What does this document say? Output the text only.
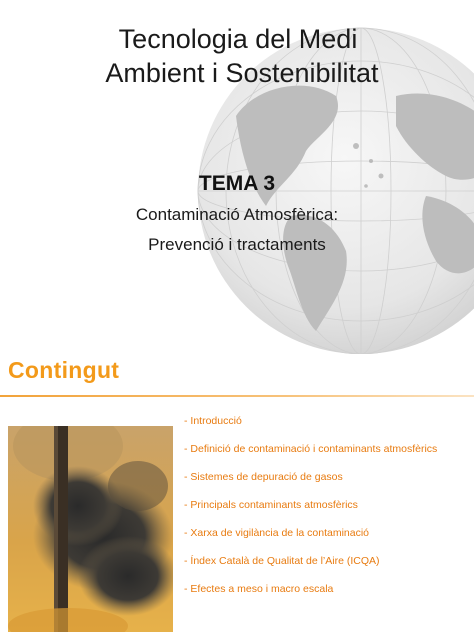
Tecnologia del Medi
Ambient i Sostenibilitat
TEMA 3
Contaminació Atmosfèrica:
Prevenció i tractaments
Contingut
- Introducció
- Definició de contaminació i contaminants atmosfèrics
- Sistemes de depuració de gasos
- Principals contaminants atmosfèrics
- Xarxa de vigilància de la contaminació
- Índex Català de Qualitat de l’Aire (ICQA)
- Efectes a meso i macro escala
